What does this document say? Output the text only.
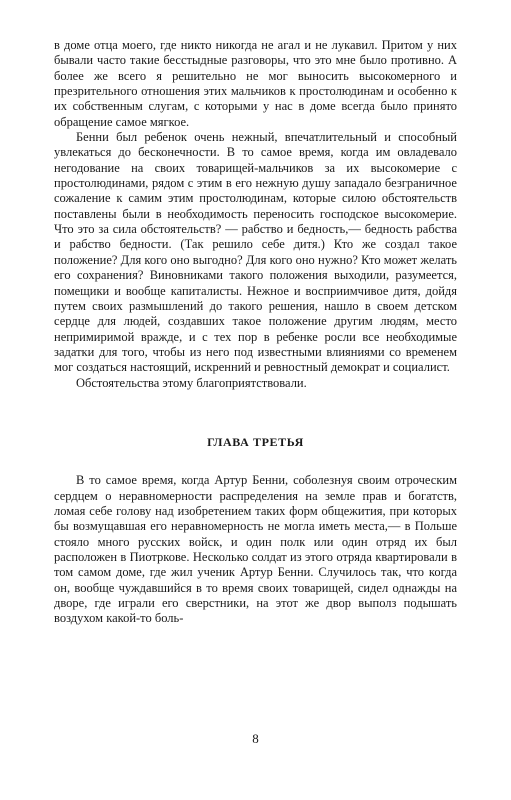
в доме отца моего, где никто никогда не агал и не лукавил. Притом у них бывали часто такие бесстыдные разговоры, что это мне было противно. А более же всего я решительно не мог выносить высокомерного и презрительного отношения этих мальчиков к простолюдинам и особенно к их собственным слугам, с которыми у нас в доме всегда было принято обращение самое мягкое.

Бенни был ребенок очень нежный, впечатлительный и способный увлекаться до бесконечности. В то самое время, когда им овладевало негодование на своих товарищей-мальчиков за их высокомерие с простолюдинами, рядом с этим в его нежную душу западало безграничное сожаление к самим этим простолюдинам, которые силою обстоятельств поставлены были в необходимость переносить господское высокомерие. Что это за сила обстоятельств? — рабство и бедность,— бедность рабства и рабство бедности. (Так решило себе дитя.) Кто же создал такое положение? Для кого оно выгодно? Для кого оно нужно? Кто может желать его сохранения? Виновниками такого положения выходили, разумеется, помещики и вообще капиталисты. Нежное и восприимчивое дитя, дойдя путем своих размышлений до такого решения, нашло в своем детском сердце для людей, создавших такое положение другим людям, место непримиримой вражде, и с тех пор в ребенке росли все необходимые задатки для того, чтобы из него под известными влияниями со временем мог создаться настоящий, искренний и ревностный демократ и социалист.

Обстоятельства этому благоприятствовали.

ГЛАВА ТРЕТЬЯ

В то самое время, когда Артур Бенни, соболезнуя своим отроческим сердцем о неравномерности распределения на земле прав и богатств, ломая себе голову над изобретением таких форм общежития, при которых бы возмущавшая его неравномерность не могла иметь места,— в Польше стояло много русских войск, и один полк или один отряд их был расположен в Пиотркове. Несколько солдат из этого отряда квартировали в том самом доме, где жил ученик Артур Бенни. Случилось так, что когда он, вообще чуждавшийся в то время своих товарищей, сидел однажды на дворе, где играли его сверстники, на этот же двор выполз подышать воздухом какой-то боль-

8
